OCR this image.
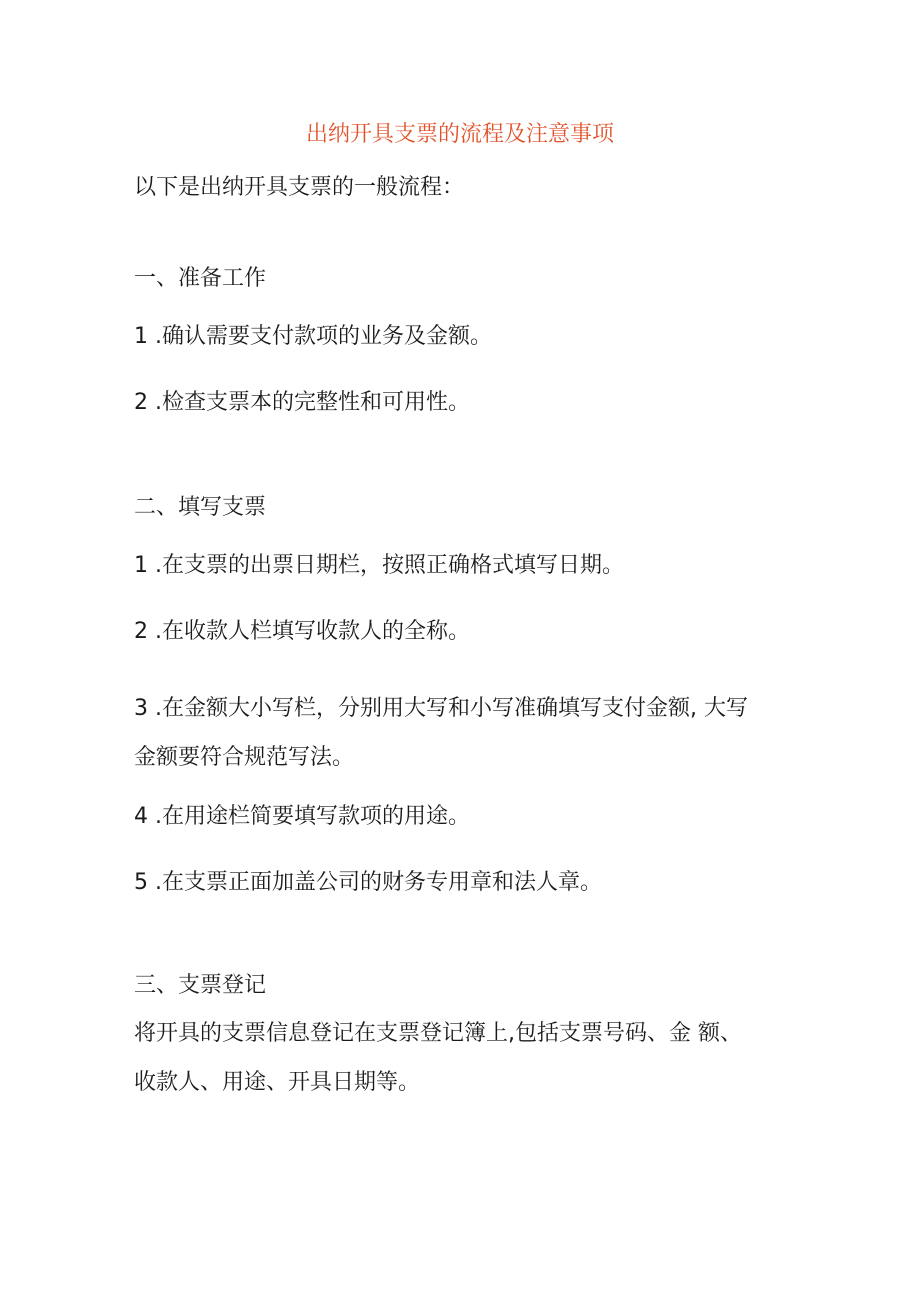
出纳开具支票的流程及注意事项
以下是出纳开具支票的一般流程：
一、准备工作
1 .确认需要支付款项的业务及金额。
2 .检查支票本的完整性和可用性。
二、填写支票
1 .在支票的出票日期栏，按照正确格式填写日期。
2 .在收款人栏填写收款人的全称。
3 .在金额大小写栏，分别用大写和小写准确填写支付金额, 大写
金额要符合规范写法。
4 .在用途栏简要填写款项的用途。
5 .在支票正面加盖公司的财务专用章和法人章。
三、支票登记
将开具的支票信息登记在支票登记簿上,包括支票号码、金 额、
收款人、用途、开具日期等。
